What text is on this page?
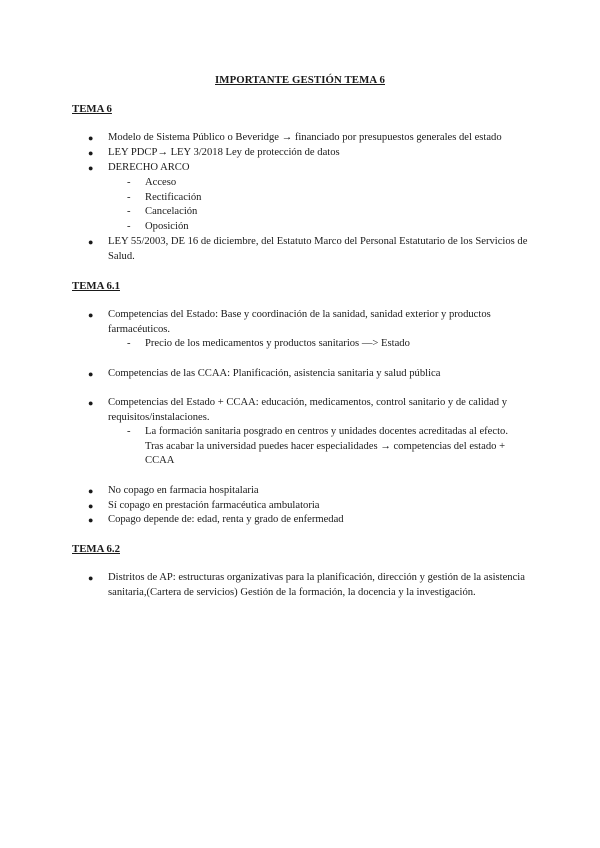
IMPORTANTE GESTIÓN TEMA 6
TEMA 6
●	Modelo de Sistema Público o Beveridge → financiado por presupuestos generales del estado
●	LEY PDCP→ LEY 3/2018 Ley de protección de datos
●	DERECHO ARCO
- Acceso
- Rectificación
- Cancelación
- Oposición
●	LEY 55/2003, DE 16 de diciembre, del Estatuto Marco del Personal Estatutario de los Servicios de Salud.
TEMA 6.1
●	Competencias del Estado: Base y coordinación de la sanidad, sanidad exterior y productos farmacéuticos.
- Precio de los medicamentos y productos sanitarios —> Estado
●	Competencias de las CCAA: Planificación, asistencia sanitaria y salud pública
●	Competencias del Estado + CCAA: educación, medicamentos, control sanitario y de calidad y requisitos/instalaciones.
- La formación sanitaria posgrado en centros y unidades docentes acreditadas al efecto. Tras acabar la universidad puedes hacer especialidades → competencias del estado + CCAA
●	No copago en farmacia hospitalaria
●	Sí copago en prestación farmacéutica ambulatoria
●	Copago depende de: edad, renta y grado de enfermedad
TEMA 6.2
●	Distritos de AP: estructuras organizativas para la planificación, dirección y gestión de la asistencia sanitaria,(Cartera de servicios) Gestión de la formación, la docencia y la investigación.
